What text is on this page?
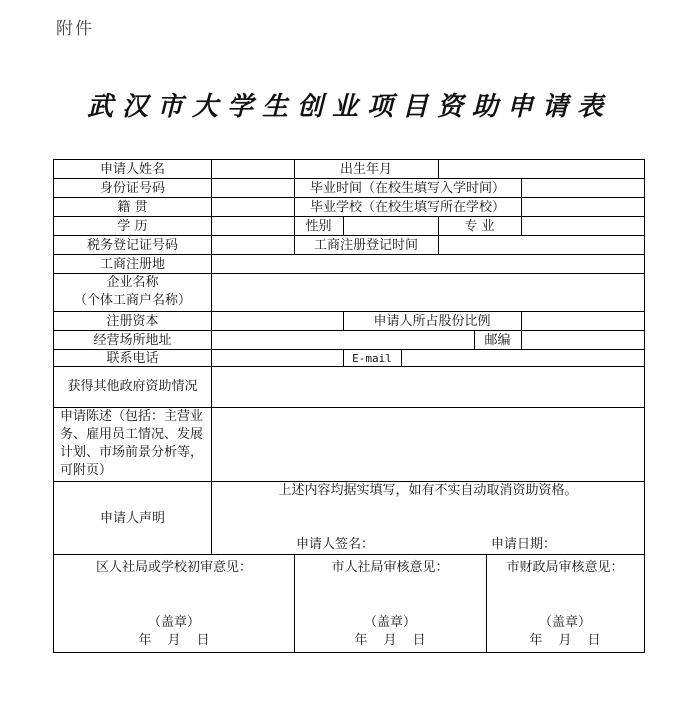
附件
武汉市大学生创业项目资助申请表
申请人姓名	出生年月
身份证号码	毕业时间（在校生填写入学时间）
籍 贯	毕业学校（在校生填写所在学校）
学 历	性别	专 业
税务登记证号码	工商注册登记时间
工商注册地
企业名称
（个体工商户名称）
注册资本	申请人所占股份比例
经营场所地址	邮编
联系电话	E-mail
获得其他政府资助情况
申请陈述（包括：主营业务、雇用员工情况、发展计划、市场前景分析等，可附页）
申请人声明
上述内容均据实填写，如有不实自动取消资助资格。
申请人签名：	申请日期：
区人社局或学校初审意见：
（盖章）
年 月 日
市人社局审核意见：
（盖章）
年 月 日
市财政局审核意见：
（盖章）
年 月 日
